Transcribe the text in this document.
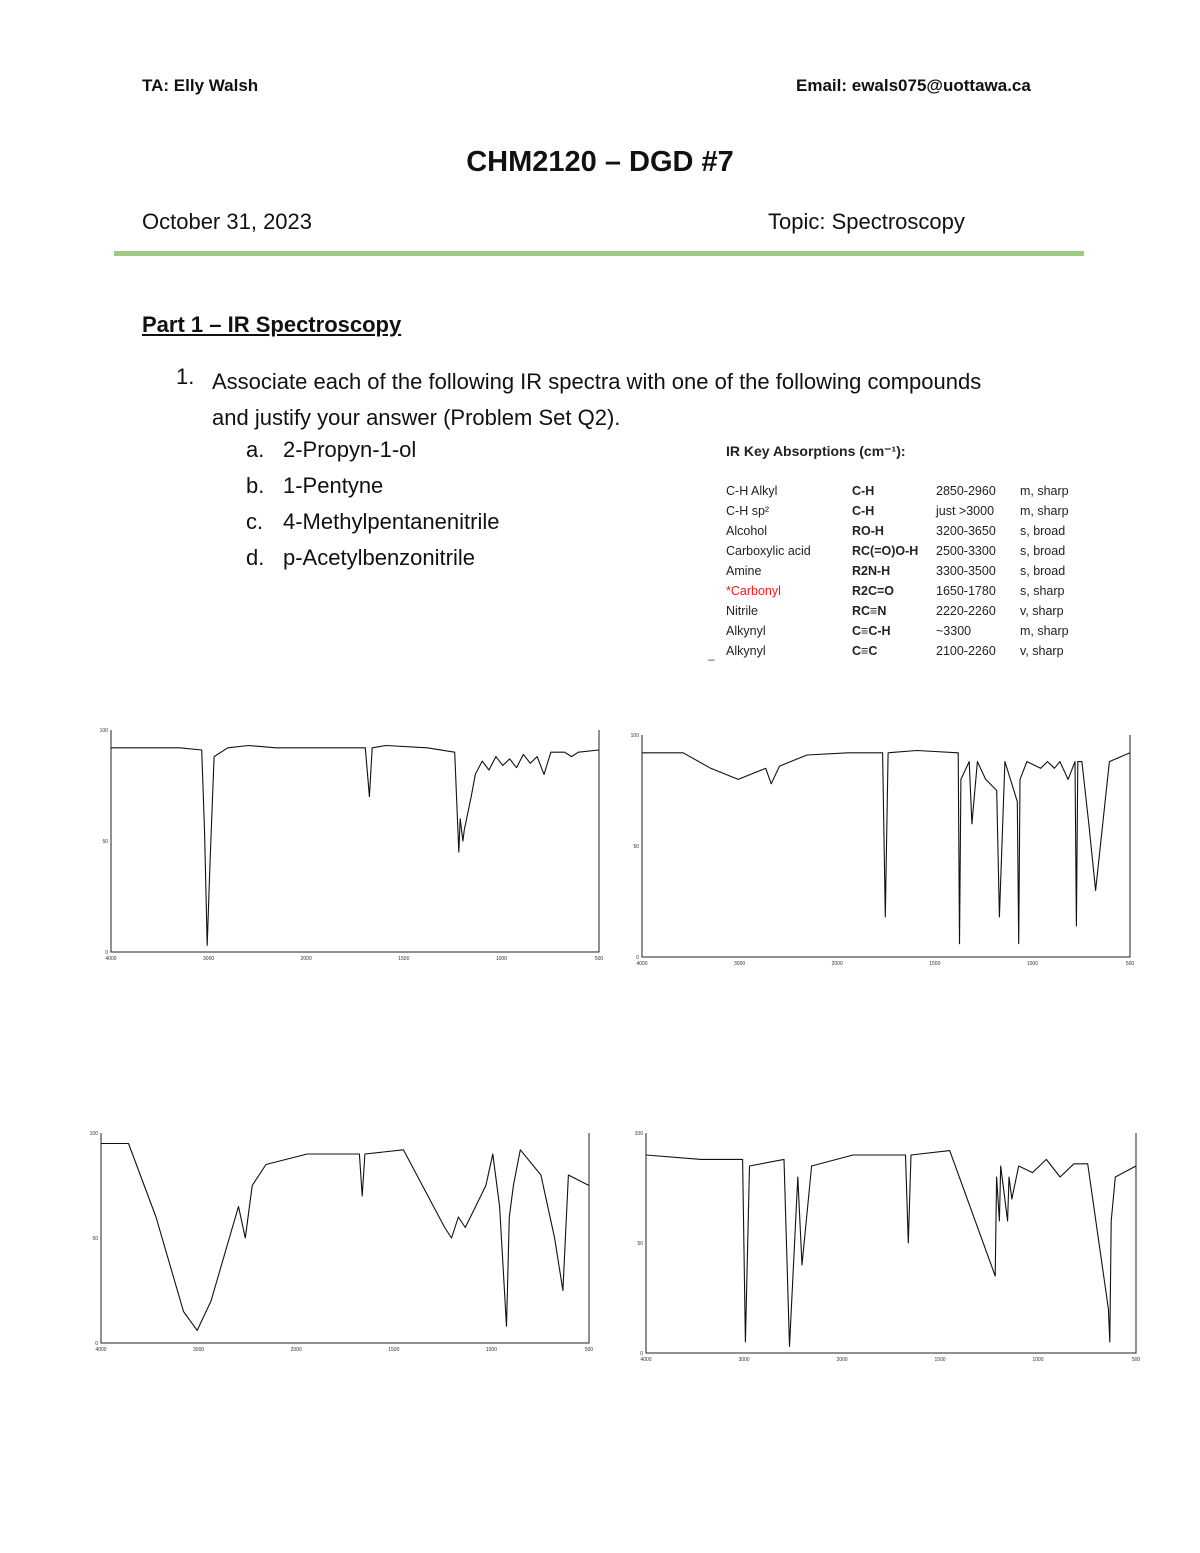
TA: Elly Walsh	Email: ewals075@uottawa.ca
CHM2120 – DGD #7
October 31, 2023	Topic: Spectroscopy
Part 1 – IR Spectroscopy
1. Associate each of the following IR spectra with one of the following compounds and justify your answer (Problem Set Q2).
a. 2-Propyn-1-ol
b. 1-Pentyne
c. 4-Methylpentanenitrile
d. p-Acetylbenzonitrile
IR Key Absorptions (cm⁻¹):
C-H Alkyl	C-H	2850-2960	m, sharp
C-H sp²	C-H	just >3000	m, sharp
Alcohol	RO-H	3200-3650	s, broad
Carboxylic acid	RC(=O)O-H	2500-3300	s, broad
Amine	R2N-H	3300-3500	s, broad
*Carbonyl	R2C=O	1650-1780	s, sharp
Nitrile	RC≡N	2220-2260	v, sharp
Alkynyl	C≡C-H	~3300	m, sharp
Alkynyl	C≡C	2100-2260	v, sharp
–
100
50
0
4000	3000	2000	1500	1000	500
100
50
0
4000	3000	2000	1500	1000	500
100
50
0
4000	3000	2000	1500	1000	500
100
50
0
4000	3000	2000	1500	1000	500
